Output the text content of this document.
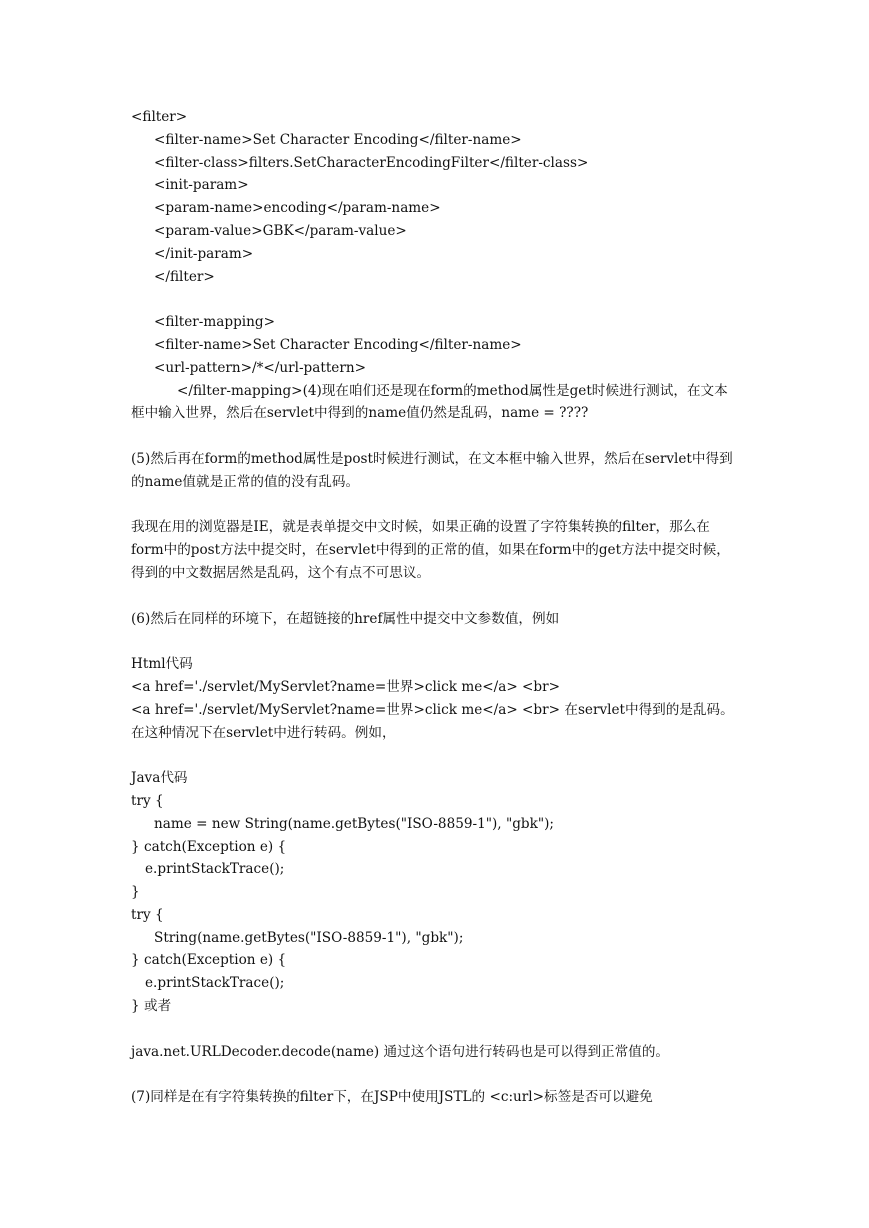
<filter>
<filter-name>Set Character Encoding</filter-name>
<filter-class>filters.SetCharacterEncodingFilter</filter-class>
<init-param>
<param-name>encoding</param-name>
<param-value>GBK</param-value>
</init-param>
</filter>
<filter-mapping>
<filter-name>Set Character Encoding</filter-name>
<url-pattern>/*</url-pattern>
</filter-mapping>(4)现在咱们还是现在form的method属性是get时候进行测试，在文本框中输入世界，然后在servlet中得到的name值仍然是乱码，name = ????
(5)然后再在form的method属性是post时候进行测试，在文本框中输入世界，然后在servlet中得到的name值就是正常的值的没有乱码。
我现在用的浏览器是IE，就是表单提交中文时候，如果正确的设置了字符集转换的filter，那么在form中的post方法中提交时，在servlet中得到的正常的值，如果在form中的get方法中提交时候，得到的中文数据居然是乱码，这个有点不可思议。
(6)然后在同样的环境下，在超链接的href属性中提交中文参数值，例如
Html代码
<a href='./servlet/MyServlet?name=世界>click me</a> <br>
<a href='./servlet/MyServlet?name=世界>click me</a> <br> 在servlet中得到的是乱码。在这种情况下在servlet中进行转码。例如，
Java代码
try {
name = new String(name.getBytes("ISO-8859-1"), "gbk");
} catch(Exception e) {
e.printStackTrace();
}
try {
String(name.getBytes("ISO-8859-1"), "gbk");
} catch(Exception e) {
e.printStackTrace();
} 或者
java.net.URLDecoder.decode(name) 通过这个语句进行转码也是可以得到正常值的。
(7)同样是在有字符集转换的filter下，在JSP中使用JSTL的 <c:url>标签是否可以避免
